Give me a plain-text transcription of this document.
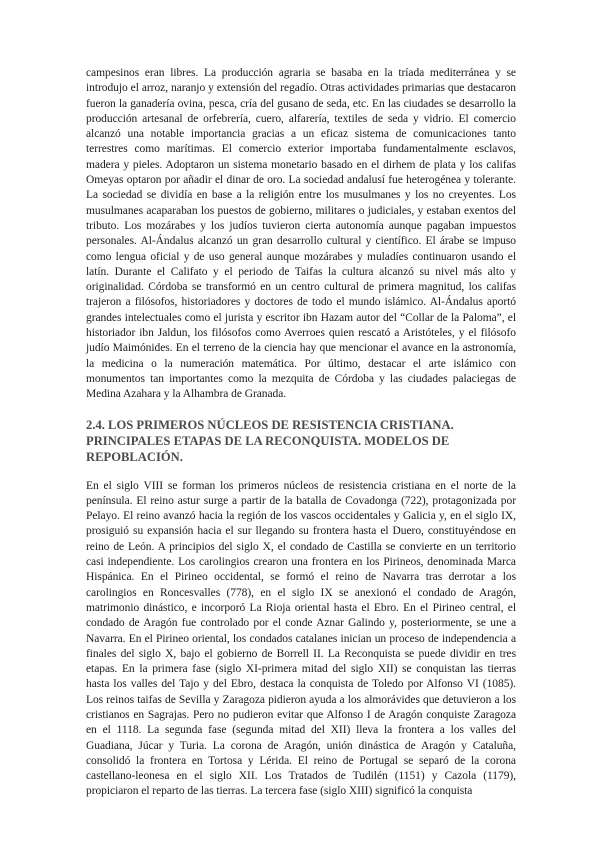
campesinos eran libres. La producción agraria se basaba en la tríada mediterránea y se introdujo el arroz, naranjo y extensión del regadío. Otras actividades primarias que destacaron fueron la ganadería ovina, pesca, cría del gusano de seda, etc. En las ciudades se desarrollo la producción artesanal de orfebrería, cuero, alfarería, textiles de seda y vidrio. El comercio alcanzó una notable importancia gracias a un eficaz sistema de comunicaciones tanto terrestres como marítimas. El comercio exterior importaba fundamentalmente esclavos, madera y pieles. Adoptaron un sistema monetario basado en el dirhem de plata y los califas Omeyas optaron por añadir el dinar de oro. La sociedad andalusí fue heterogénea y tolerante. La sociedad se dividía en base a la religión entre los musulmanes y los no creyentes. Los musulmanes acaparaban los puestos de gobierno, militares o judiciales, y estaban exentos del tributo. Los mozárabes y los judíos tuvieron cierta autonomía aunque pagaban impuestos personales. Al-Ándalus alcanzó un gran desarrollo cultural y científico. El árabe se impuso como lengua oficial y de uso general aunque mozárabes y muladíes continuaron usando el latín. Durante el Califato y el periodo de Taifas la cultura alcanzó su nivel más alto y originalidad. Córdoba se transformó en un centro cultural de primera magnitud, los califas trajeron a filósofos, historiadores y doctores de todo el mundo islámico. Al-Ándalus aportó grandes intelectuales como el jurista y escritor ibn Hazam autor del “Collar de la Paloma”, el historiador ibn Jaldun, los filósofos como Averroes quien rescató a Aristóteles, y el filósofo judío Maimónides. En el terreno de la ciencia hay que mencionar el avance en la astronomía, la medicina o la numeración matemática. Por último, destacar el arte islámico con monumentos tan importantes como la mezquita de Córdoba y las ciudades palaciegas de Medina Azahara y la Alhambra de Granada.

2.4. LOS PRIMEROS NÚCLEOS DE RESISTENCIA CRISTIANA. PRINCIPALES ETAPAS DE LA RECONQUISTA. MODELOS DE REPOBLACIÓN.

En el siglo VIII se forman los primeros núcleos de resistencia cristiana en el norte de la península. El reino astur surge a partir de la batalla de Covadonga (722), protagonizada por Pelayo. El reino avanzó hacia la región de los vascos occidentales y Galicia y, en el siglo IX, prosiguió su expansión hacia el sur llegando su frontera hasta el Duero, constituyéndose en reino de León. A principios del siglo X, el condado de Castilla se convierte en un territorio casi independiente. Los carolingios crearon una frontera en los Pirineos, denominada Marca Hispánica. En el Pirineo occidental, se formó el reino de Navarra tras derrotar a los carolingios en Roncesvalles (778), en el siglo IX se anexionó el condado de Aragón, matrimonio dinástico, e incorporó La Rioja oriental hasta el Ebro. En el Pirineo central, el condado de Aragón fue controlado por el conde Aznar Galindo y, posteriormente, se une a Navarra. En el Pirineo oriental, los condados catalanes inician un proceso de independencia a finales del siglo X, bajo el gobierno de Borrell II. La Reconquista se puede dividir en tres etapas. En la primera fase (siglo XI-primera mitad del siglo XII) se conquistan las tierras hasta los valles del Tajo y del Ebro, destaca la conquista de Toledo por Alfonso VI (1085). Los reinos taifas de Sevilla y Zaragoza pidieron ayuda a los almorávides que detuvieron a los cristianos en Sagrajas. Pero no pudieron evitar que Alfonso I de Aragón conquiste Zaragoza en el 1118. La segunda fase (segunda mitad del XII) lleva la frontera a los valles del Guadiana, Júcar y Turia. La corona de Aragón, unión dinástica de Aragón y Cataluña, consolidó la frontera en Tortosa y Lérida. El reino de Portugal se separó de la corona castellano-leonesa en el siglo XII. Los Tratados de Tudilén (1151) y Cazola (1179), propiciaron el reparto de las tierras. La tercera fase (siglo XIII) significó la conquista
